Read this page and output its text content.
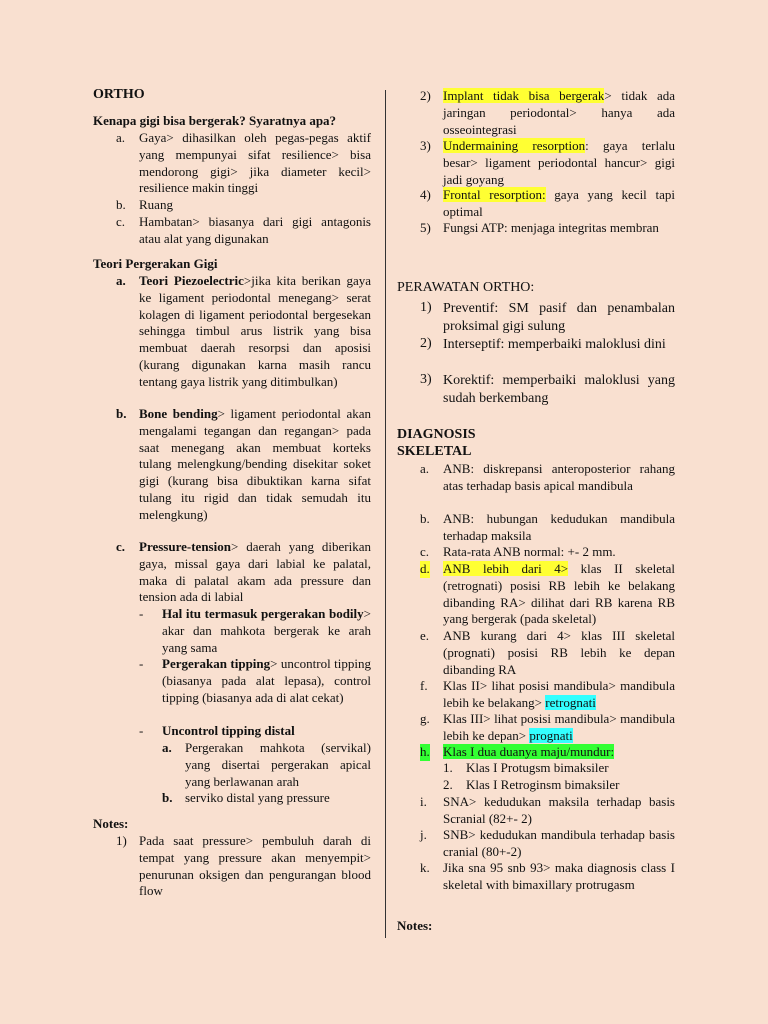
ORTHO
Kenapa gigi bisa bergerak? Syaratnya apa?
a. Gaya> dihasilkan oleh pegas-pegas aktif yang mempunyai sifat resilience> bisa mendorong gigi> jika diameter kecil> resilience makin tinggi
b. Ruang
c. Hambatan> biasanya dari gigi antagonis atau alat yang digunakan
Teori Pergerakan Gigi
a. Teori Piezoelectric>jika kita berikan gaya ke ligament periodontal menegang> serat kolagen di ligament periodontal bergesekan sehingga timbul arus listrik yang bisa membuat daerah resorpsi dan aposisi (kurang digunakan karna masih rancu tentang gaya listrik yang ditimbulkan)
b. Bone bending> ligament periodontal akan mengalami tegangan dan regangan> pada saat menegang akan membuat korteks tulang melengkung/bending disekitar soket gigi (kurang bisa dibuktikan karna sifat tulang itu rigid dan tidak semudah itu melengkung)
c. Pressure-tension> daerah yang diberikan gaya, missal gaya dari labial ke palatal, maka di palatal akam ada pressure dan tension ada di labial
- Hal itu termasuk pergerakan bodily> akar dan mahkota bergerak ke arah yang sama
- Pergerakan tipping> uncontrol tipping (biasanya pada alat lepasa), control tipping (biasanya ada di alat cekat)
- Uncontrol tipping distal
a. Pergerakan mahkota (servikal) yang disertai pergerakan apical yang berlawanan arah
b. serviko distal yang pressure
Notes:
1) Pada saat pressure> pembuluh darah di tempat yang pressure akan menyempit> penurunan oksigen dan pengurangan blood flow
2) Implant tidak bisa bergerak> tidak ada jaringan periodontal> hanya ada osseointegrasi
3) Undermaining resorption: gaya terlalu besar> ligament periodontal hancur> gigi jadi goyang
4) Frontal resorption: gaya yang kecil tapi optimal
5) Fungsi ATP: menjaga integritas membran
PERAWATAN ORTHO:
1) Preventif: SM pasif dan penambalan proksimal gigi sulung
2) Interseptif: memperbaiki maloklusi dini
3) Korektif: memperbaiki maloklusi yang sudah berkembang
DIAGNOSIS
SKELETAL
a. ANB: diskrepansi anteroposterior rahang atas terhadap basis apical mandibula
b. ANB: hubungan kedudukan mandibula terhadap maksila
c. Rata-rata ANB normal: +- 2 mm.
d. ANB lebih dari 4> klas II skeletal (retrognati) posisi RB lebih ke belakang dibanding RA> dilihat dari RB karena RB yang bergerak (pada skeletal)
e. ANB kurang dari 4> klas III skeletal (prognati) posisi RB lebih ke depan dibanding RA
f. Klas II> lihat posisi mandibula> mandibula lebih ke belakang> retrognati
g. Klas III> lihat posisi mandibula> mandibula lebih ke depan> prognati
h. Klas I dua duanya maju/mundur:
1. Klas I Protugsm bimaksiler
2. Klas I Retroginsm bimaksiler
i. SNA> kedudukan maksila terhadap basis Scranial (82+- 2)
j. SNB> kedudukan mandibula terhadap basis cranial (80+-2)
k. Jika sna 95 snb 93> maka diagnosis class I skeletal with bimaxillary protrugasm
Notes:
